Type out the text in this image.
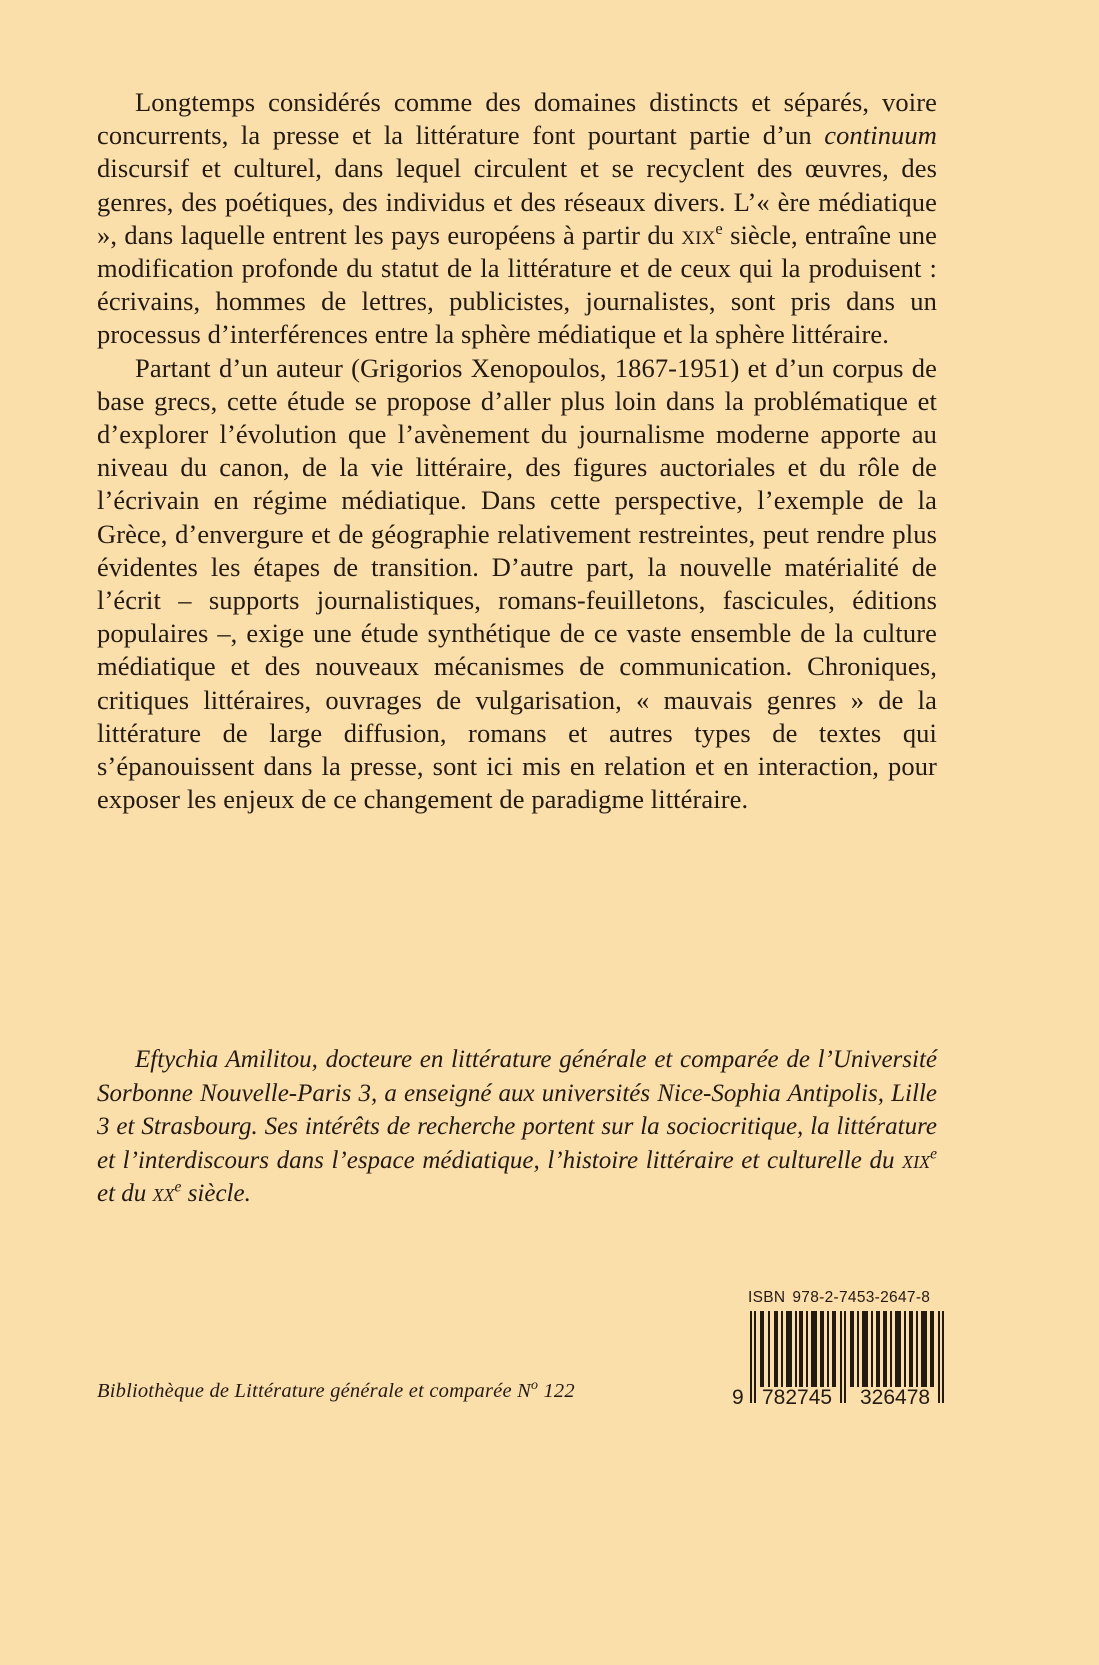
Longtemps considérés comme des domaines distincts et séparés, voire concurrents, la presse et la littérature font pourtant partie d’un continuum discursif et culturel, dans lequel circulent et se recyclent des œuvres, des genres, des poétiques, des individus et des réseaux divers. L’« ère médiatique », dans laquelle entrent les pays européens à partir du xix$^e$ siècle, entraîne une modification profonde du statut de la littérature et de ceux qui la produisent : écrivains, hommes de lettres, publicistes, journalistes, sont pris dans un processus d’interférences entre la sphère médiatique et la sphère littéraire.

Partant d’un auteur (Grigorios Xenopoulos, 1867-1951) et d’un corpus de base grecs, cette étude se propose d’aller plus loin dans la problématique et d’explorer l’évolution que l’avènement du journalisme moderne apporte au niveau du canon, de la vie littéraire, des figures auctoriales et du rôle de l’écrivain en régime médiatique. Dans cette perspective, l’exemple de la Grèce, d’envergure et de géographie relativement restreintes, peut rendre plus évidentes les étapes de transition. D’autre part, la nouvelle matérialité de l’écrit – supports journalistiques, romans-feuilletons, fascicules, éditions populaires –, exige une étude synthétique de ce vaste ensemble de la culture médiatique et des nouveaux mécanismes de communication. Chroniques, critiques littéraires, ouvrages de vulgarisation, « mauvais genres » de la littérature de large diffusion, romans et autres types de textes qui s’épanouissent dans la presse, sont ici mis en relation et en interaction, pour exposer les enjeux de ce changement de paradigme littéraire.

Eftychia Amilitou, docteure en littérature générale et comparée de l’Université Sorbonne Nouvelle-Paris 3, a enseigné aux universités Nice-Sophia Antipolis, Lille 3 et Strasbourg. Ses intérêts de recherche portent sur la sociocritique, la littérature et l’interdiscours dans l’espace médiatique, l’histoire littéraire et culturelle du xix$^e$ et du $xx^e$ siècle.

Bibliothèque de Littérature générale et comparée $N^o$ 122
ISBN 978-2-7453-2647-8
9 782745 326478
